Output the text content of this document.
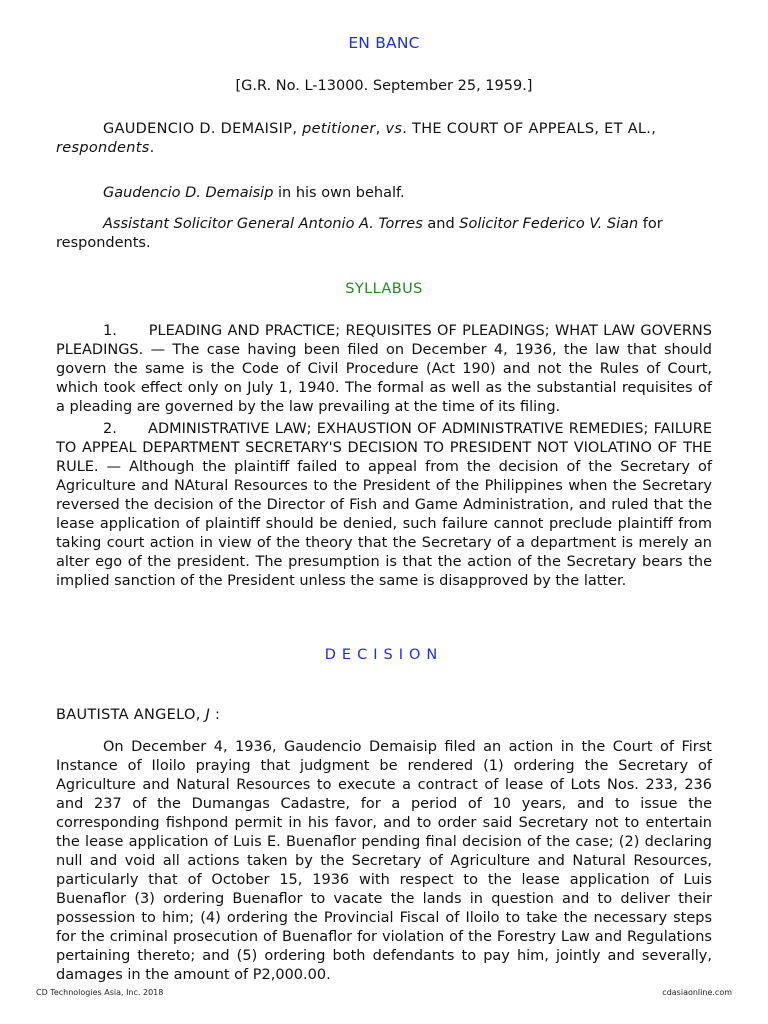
EN BANC
[G.R. No. L-13000. September 25, 1959.]
GAUDENCIO D. DEMAISIP, petitioner, vs. THE COURT OF APPEALS, ET AL., respondents.
Gaudencio D. Demaisip in his own behalf.
Assistant Solicitor General Antonio A. Torres and Solicitor Federico V. Sian for respondents.
SYLLABUS
1.      PLEADING AND PRACTICE; REQUISITES OF PLEADINGS; WHAT LAW GOVERNS PLEADINGS. — The case having been filed on December 4, 1936, the law that should govern the same is the Code of Civil Procedure (Act 190) and not the Rules of Court, which took effect only on July 1, 1940. The formal as well as the substantial requisites of a pleading are governed by the law prevailing at the time of its filing.
2.      ADMINISTRATIVE LAW; EXHAUSTION OF ADMINISTRATIVE REMEDIES; FAILURE TO APPEAL DEPARTMENT SECRETARY'S DECISION TO PRESIDENT NOT VIOLATINO OF THE RULE. — Although the plaintiff failed to appeal from the decision of the Secretary of Agriculture and NAtural Resources to the President of the Philippines when the Secretary reversed the decision of the Director of Fish and Game Administration, and ruled that the lease application of plaintiff should be denied, such failure cannot preclude plaintiff from taking court action in view of the theory that the Secretary of a department is merely an alter ego of the president. The presumption is that the action of the Secretary bears the implied sanction of the President unless the same is disapproved by the latter.
DECISION
BAUTISTA ANGELO, J :
On December 4, 1936, Gaudencio Demaisip filed an action in the Court of First Instance of Iloilo praying that judgment be rendered (1) ordering the Secretary of Agriculture and Natural Resources to execute a contract of lease of Lots Nos. 233, 236 and 237 of the Dumangas Cadastre, for a period of 10 years, and to issue the corresponding fishpond permit in his favor, and to order said Secretary not to entertain the lease application of Luis E. Buenaflor pending final decision of the case; (2) declaring null and void all actions taken by the Secretary of Agriculture and Natural Resources, particularly that of October 15, 1936 with respect to the lease application of Luis Buenaflor (3) ordering Buenaflor to vacate the lands in question and to deliver their possession to him; (4) ordering the Provincial Fiscal of Iloilo to take the necessary steps for the criminal prosecution of Buenaflor for violation of the Forestry Law and Regulations pertaining thereto; and (5) ordering both defendants to pay him, jointly and severally, damages in the amount of P2,000.00.
CD Technologies Asia, Inc. 2018	cdasiaonline.com
